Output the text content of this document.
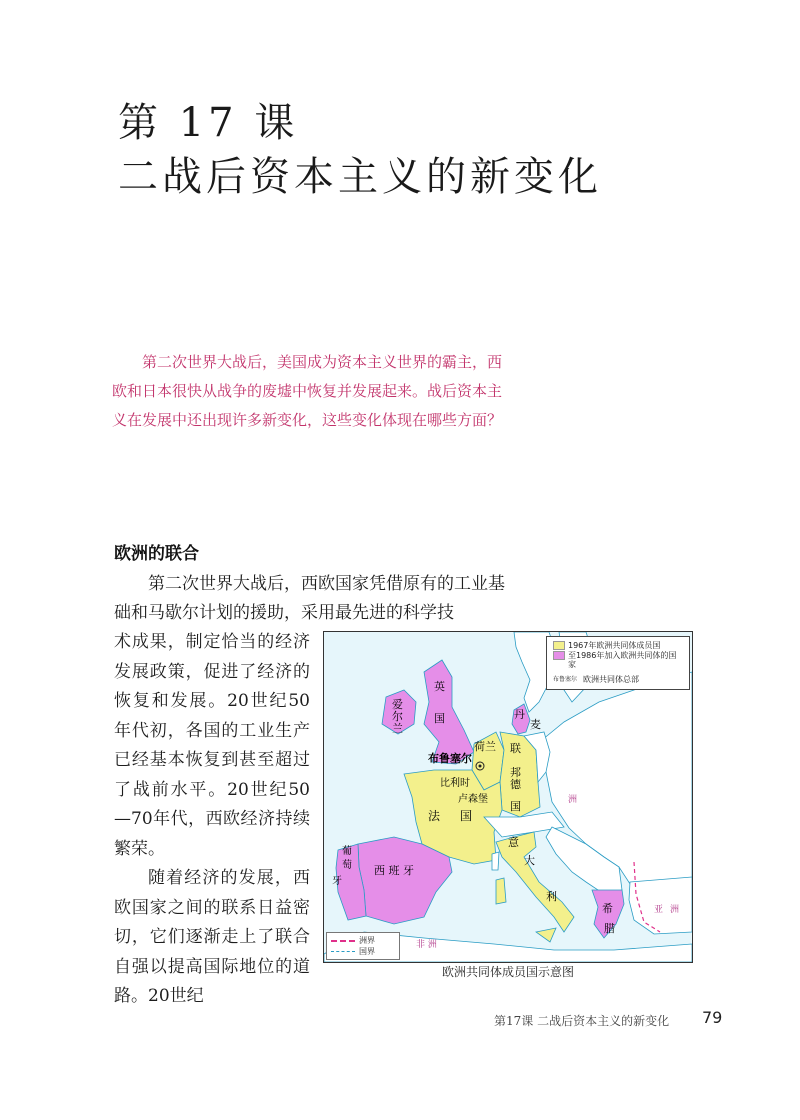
第 17 课
二战后资本主义的新变化
第二次世界大战后，美国成为资本主义世界的霸主，西欧和日本很快从战争的废墟中恢复并发展起来。战后资本主义在发展中还出现许多新变化，这些变化体现在哪些方面？
欧洲的联合
第二次世界大战后，西欧国家凭借原有的工业基础和马歇尔计划的援助，采用最先进的科学技

术成果，制定恰当的经济发展政策，促进了经济的恢复和发展。20世纪50年代初，各国的工业生产已经基本恢复到甚至超过了战前水平。20世纪50—70年代，西欧经济持续繁荣。

随着经济的发展，西欧国家之间的联系日益密切，它们逐渐走上了联合自强以提高国际地位的道路。20世纪

爱
尔
兰
英
国	丹
麦
荷兰
布鲁塞尔
比利时
卢森堡
联
邦
德
国
法 国
意
大
利
西 班 牙
葡
萄
牙
希
腊
亚 洲
非 洲
洲
1967年欧洲共同体成员国
至1986年加入欧洲共同体的国家
布鲁塞尔 欧洲共同体总部
洲界
国界
欧洲共同体成员国示意图
第17课 二战后资本主义的新变化 79
